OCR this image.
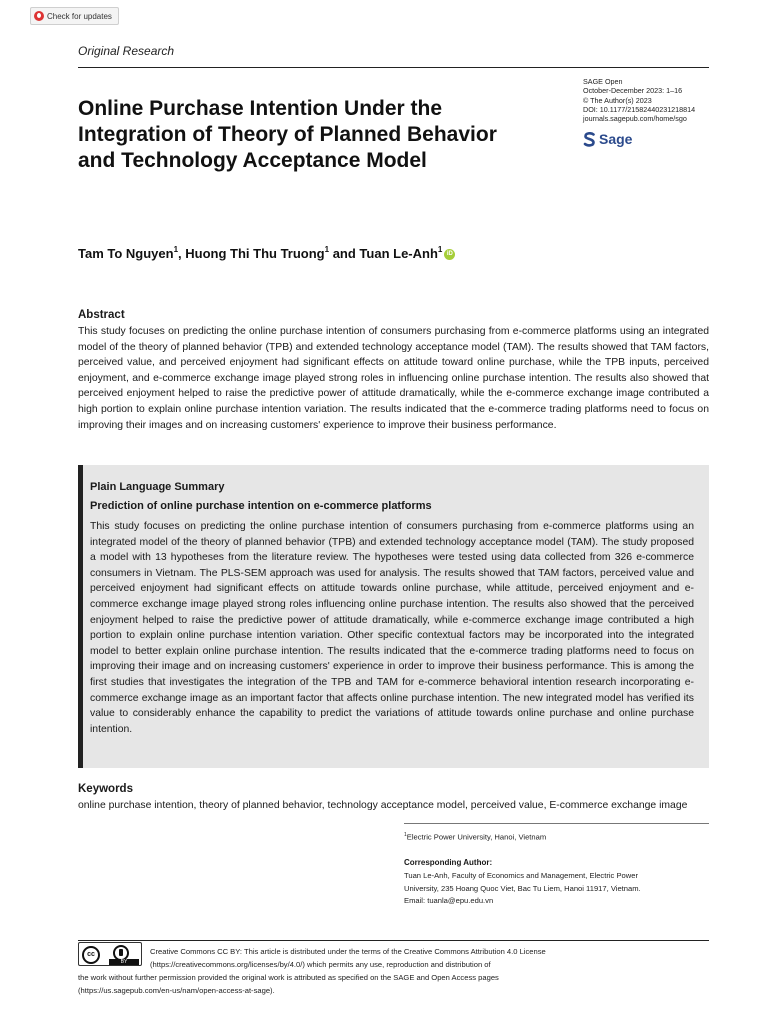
Check for updates
Original Research
Online Purchase Intention Under the Integration of Theory of Planned Behavior and Technology Acceptance Model
SAGE Open
October-December 2023: 1–16
© The Author(s) 2023
DOI: 10.1177/21582440231218814
journals.sagepub.com/home/sgo
Sage
Tam To Nguyen$^1$ , Huong Thi Thu Truong$^1$ and Tuan Le-Anh$^1$ iD
Abstract
This study focuses on predicting the online purchase intention of consumers purchasing from e-commerce platforms using an integrated model of the theory of planned behavior (TPB) and extended technology acceptance model (TAM). The results showed that TAM factors, perceived value, and perceived enjoyment had significant effects on attitude toward online purchase, while the TPB inputs, perceived enjoyment, and e-commerce exchange image played strong roles in influencing online purchase intention. The results also showed that perceived enjoyment helped to raise the predictive power of attitude dramatically, while the e-commerce exchange image contributed a high portion to explain online purchase intention variation. The results indicated that the e-commerce trading platforms need to focus on improving their images and on increasing customers' experience to improve their business performance.
Plain Language Summary
Prediction of online purchase intention on e-commerce platforms
This study focuses on predicting the online purchase intention of consumers purchasing from e-commerce platforms using an integrated model of the theory of planned behavior (TPB) and extended technology acceptance model (TAM). The study proposed a model with 13 hypotheses from the literature review. The hypotheses were tested using data collected from 326 e-commerce consumers in Vietnam. The PLS-SEM approach was used for analysis. The results showed that TAM factors, perceived value and perceived enjoyment had significant effects on attitude towards online purchase, while attitude, perceived enjoyment and e-commerce exchange image played strong roles influencing online purchase intention. The results also showed that the perceived enjoyment helped to raise the predictive power of attitude dramatically, while e-commerce exchange image contributed a high portion to explain online purchase intention variation. Other specific contextual factors may be incorporated into the integrated model to better explain online purchase intention. The results indicated that the e-commerce trading platforms need to focus on improving their image and on increasing customers' experience in order to improve their business performance. This is among the first studies that investigates the integration of the TPB and TAM for e-commerce behavioral intention research incorporating e-commerce exchange image as an important factor that affects online purchase intention. The new integrated model has verified its value to considerably enhance the capability to predict the variations of attitude towards online purchase and online purchase intention.
Keywords
online purchase intention, theory of planned behavior, technology acceptance model, perceived value, E-commerce exchange image
$^1$Electric Power University, Hanoi, Vietnam
Corresponding Author:
Tuan Le-Anh, Faculty of Economics and Management, Electric Power
University, 235 Hoang Quoc Viet, Bac Tu Liem, Hanoi 11917, Vietnam.
Email: tuanla@epu.edu.vn
cc
BY
Creative Commons CC BY: This article is distributed under the terms of the Creative Commons Attribution 4.0 License
(https://creativecommons.org/licenses/by/4.0/) which permits any use, reproduction and distribution of
the work without further permission provided the original work is attributed as specified on the SAGE and Open Access pages
(https://us.sagepub.com/en-us/nam/open-access-at-sage).
